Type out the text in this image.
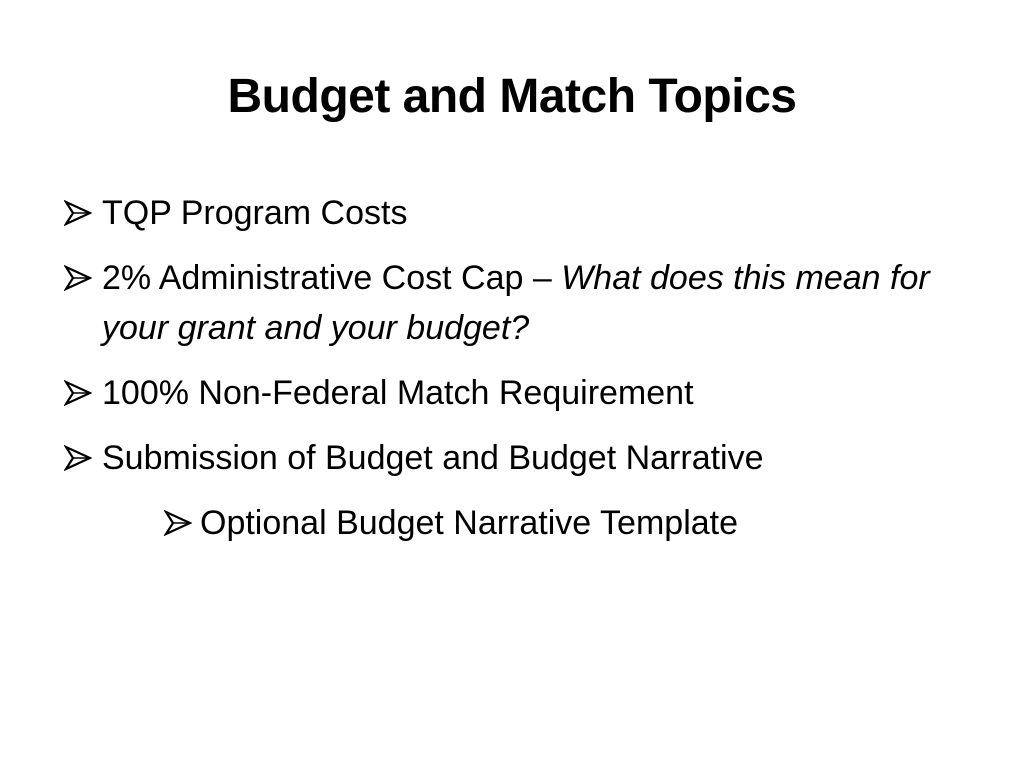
Budget and Match Topics
TQP Program Costs
2% Administrative Cost Cap – What does this mean for your grant and your budget?
100% Non-Federal Match Requirement
Submission of Budget and Budget Narrative
Optional Budget Narrative Template
